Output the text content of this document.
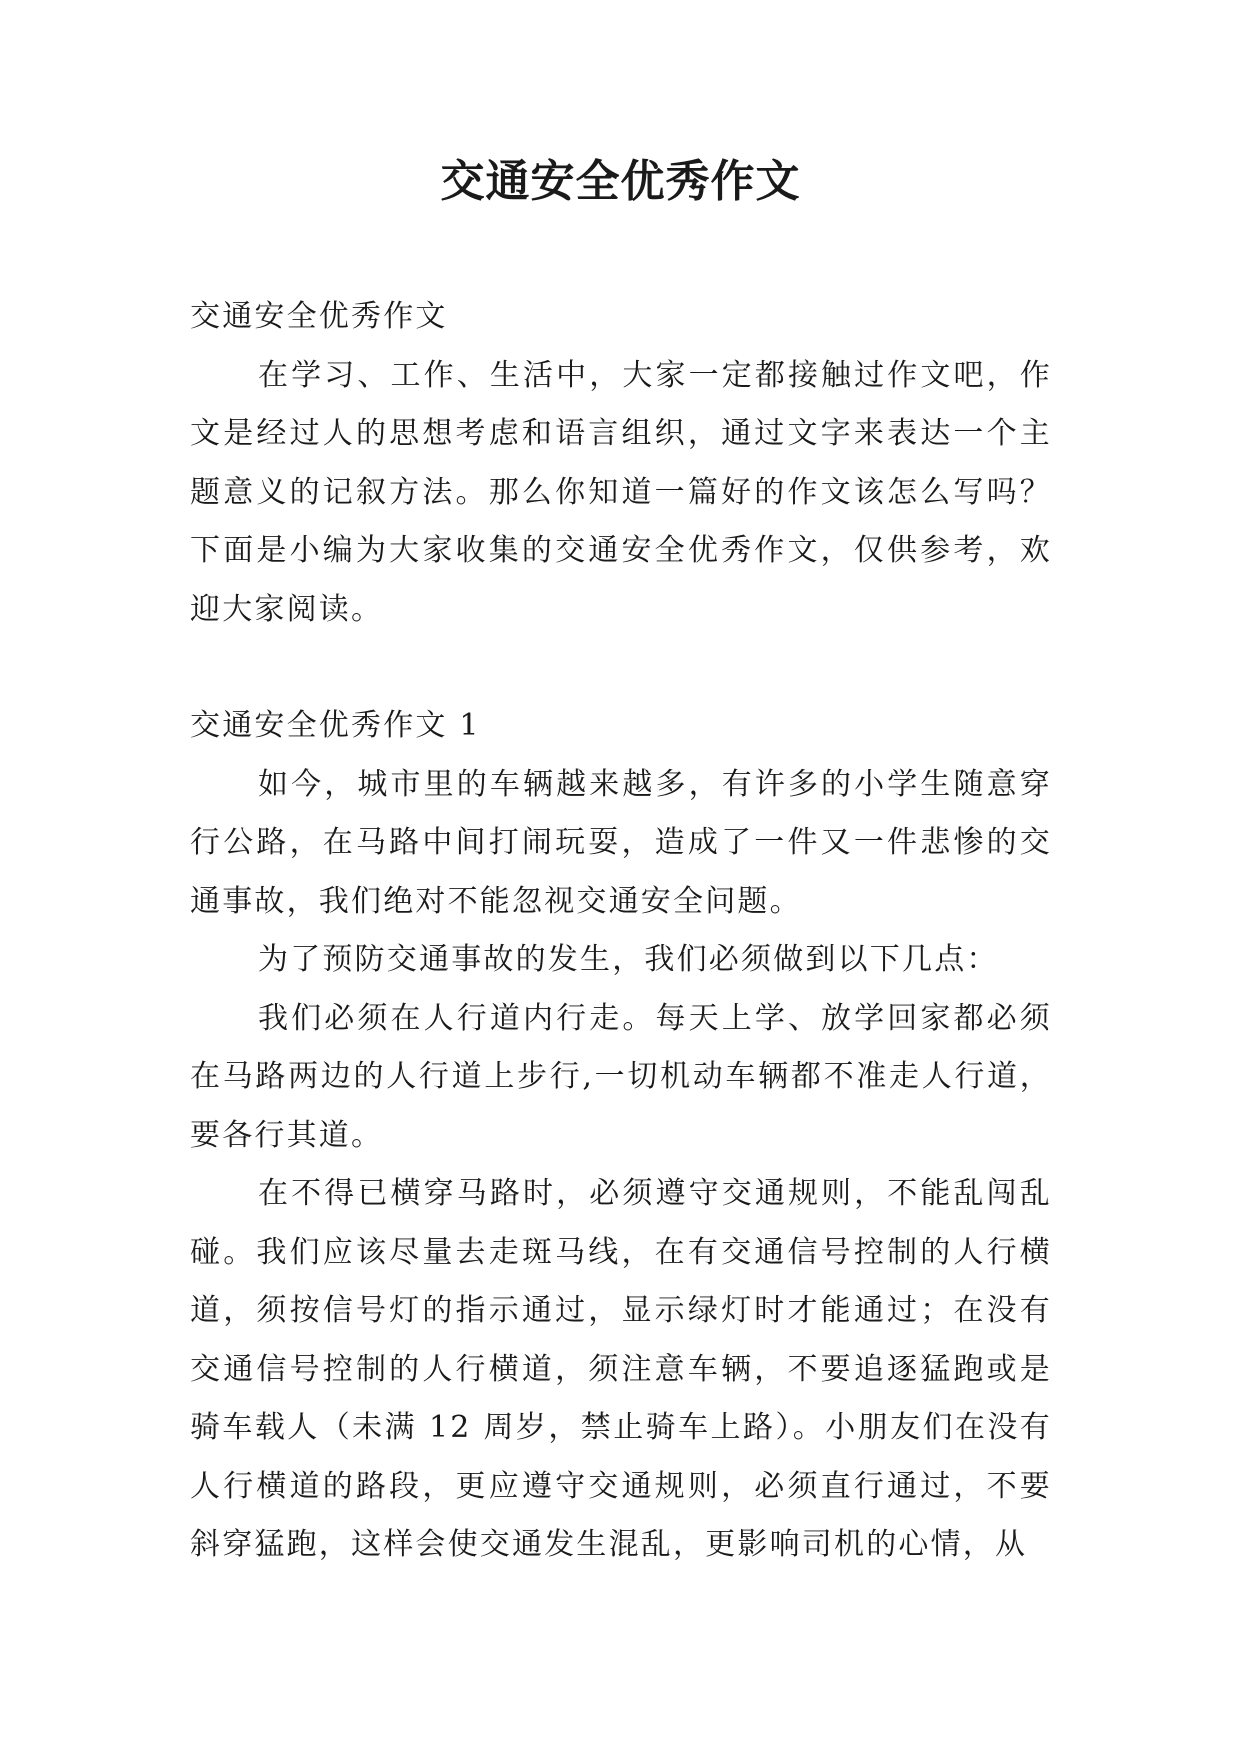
交通安全优秀作文

交通安全优秀作文

在学习、工作、生活中，大家一定都接触过作文吧，作文是经过人的思想考虑和语言组织，通过文字来表达一个主题意义的记叙方法。那么你知道一篇好的作文该怎么写吗？下面是小编为大家收集的交通安全优秀作文，仅供参考，欢迎大家阅读。

交通安全优秀作文 1

如今，城市里的车辆越来越多，有许多的小学生随意穿行公路，在马路中间打闹玩耍，造成了一件又一件悲惨的交通事故，我们绝对不能忽视交通安全问题。

为了预防交通事故的发生，我们必须做到以下几点：

我们必须在人行道内行走。每天上学、放学回家都必须在马路两边的人行道上步行,一切机动车辆都不准走人行道，要各行其道。

在不得已横穿马路时，必须遵守交通规则，不能乱闯乱碰。我们应该尽量去走斑马线，在有交通信号控制的人行横道，须按信号灯的指示通过，显示绿灯时才能通过；在没有交通信号控制的人行横道，须注意车辆，不要追逐猛跑或是骑车载人（未满 12 周岁，禁止骑车上路）。小朋友们在没有人行横道的路段，更应遵守交通规则，必须直行通过，不要斜穿猛跑，这样会使交通发生混乱，更影响司机的心情，从
